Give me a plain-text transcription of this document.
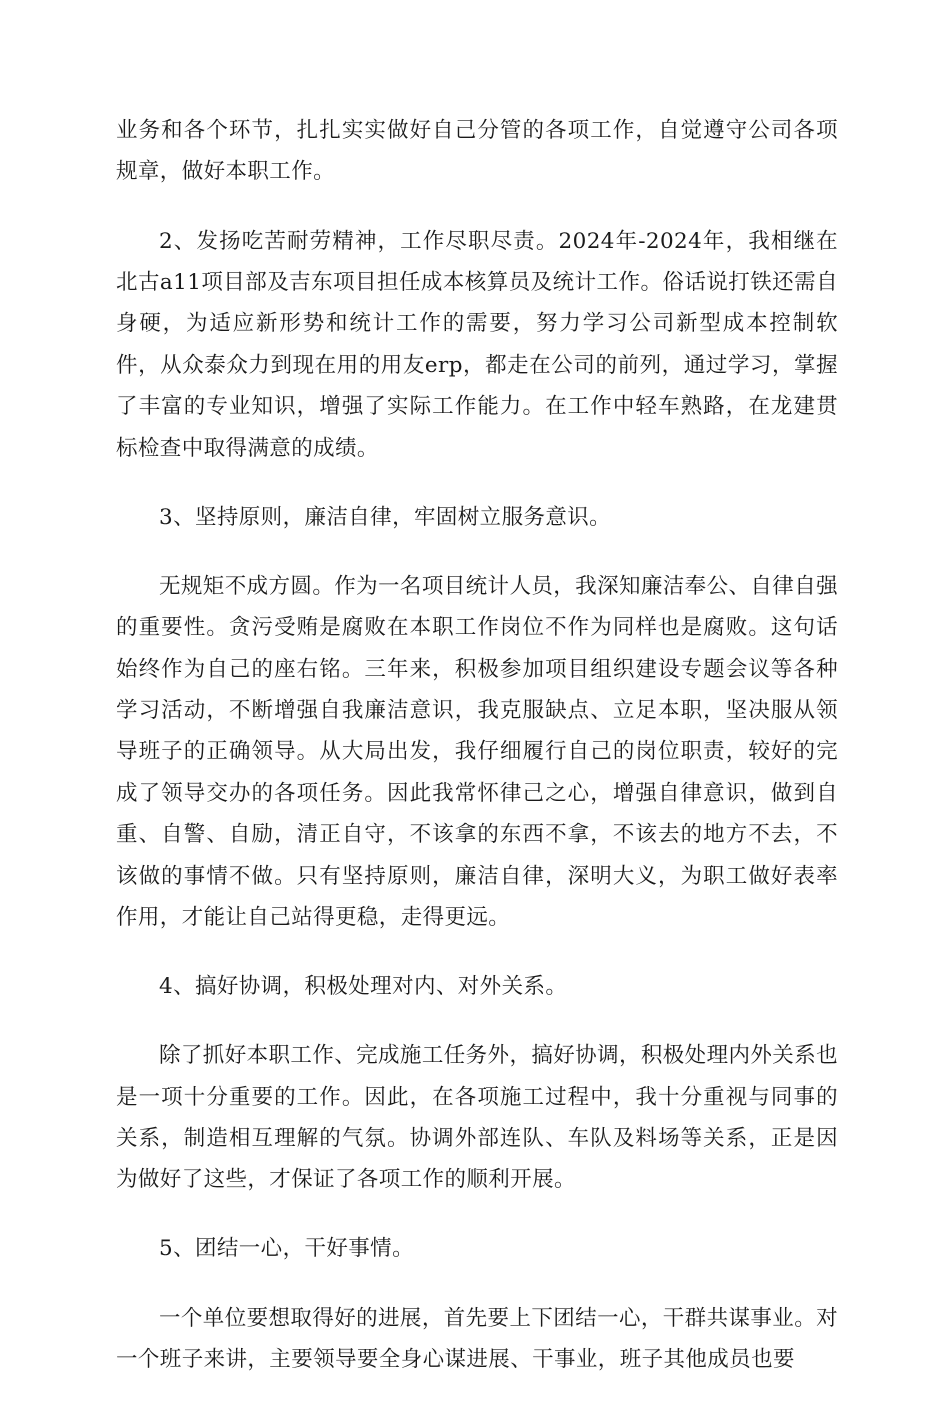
业务和各个环节，扎扎实实做好自己分管的各项工作，自觉遵守公司各项规章，做好本职工作。

2、发扬吃苦耐劳精神，工作尽职尽责。2024年-2024年，我相继在北古a11项目部及吉东项目担任成本核算员及统计工作。俗话说打铁还需自身硬，为适应新形势和统计工作的需要，努力学习公司新型成本控制软件，从众泰众力到现在用的用友erp，都走在公司的前列，通过学习，掌握了丰富的专业知识，增强了实际工作能力。在工作中轻车熟路，在龙建贯标检查中取得满意的成绩。

3、坚持原则，廉洁自律，牢固树立服务意识。

无规矩不成方圆。作为一名项目统计人员，我深知廉洁奉公、自律自强的重要性。贪污受贿是腐败在本职工作岗位不作为同样也是腐败。这句话始终作为自己的座右铭。三年来，积极参加项目组织建设专题会议等各种学习活动，不断增强自我廉洁意识，我克服缺点、立足本职，坚决服从领导班子的正确领导。从大局出发，我仔细履行自己的岗位职责，较好的完成了领导交办的各项任务。因此我常怀律己之心，增强自律意识，做到自重、自警、自励，清正自守，不该拿的东西不拿，不该去的地方不去，不该做的事情不做。只有坚持原则，廉洁自律，深明大义，为职工做好表率作用，才能让自己站得更稳，走得更远。

4、搞好协调，积极处理对内、对外关系。

除了抓好本职工作、完成施工任务外，搞好协调，积极处理内外关系也是一项十分重要的工作。因此，在各项施工过程中，我十分重视与同事的关系，制造相互理解的气氛。协调外部连队、车队及料场等关系，正是因为做好了这些，才保证了各项工作的顺利开展。

5、团结一心，干好事情。

一个单位要想取得好的进展，首先要上下团结一心，干群共谋事业。对一个班子来讲，主要领导要全身心谋进展、干事业，班子其他成员也要
